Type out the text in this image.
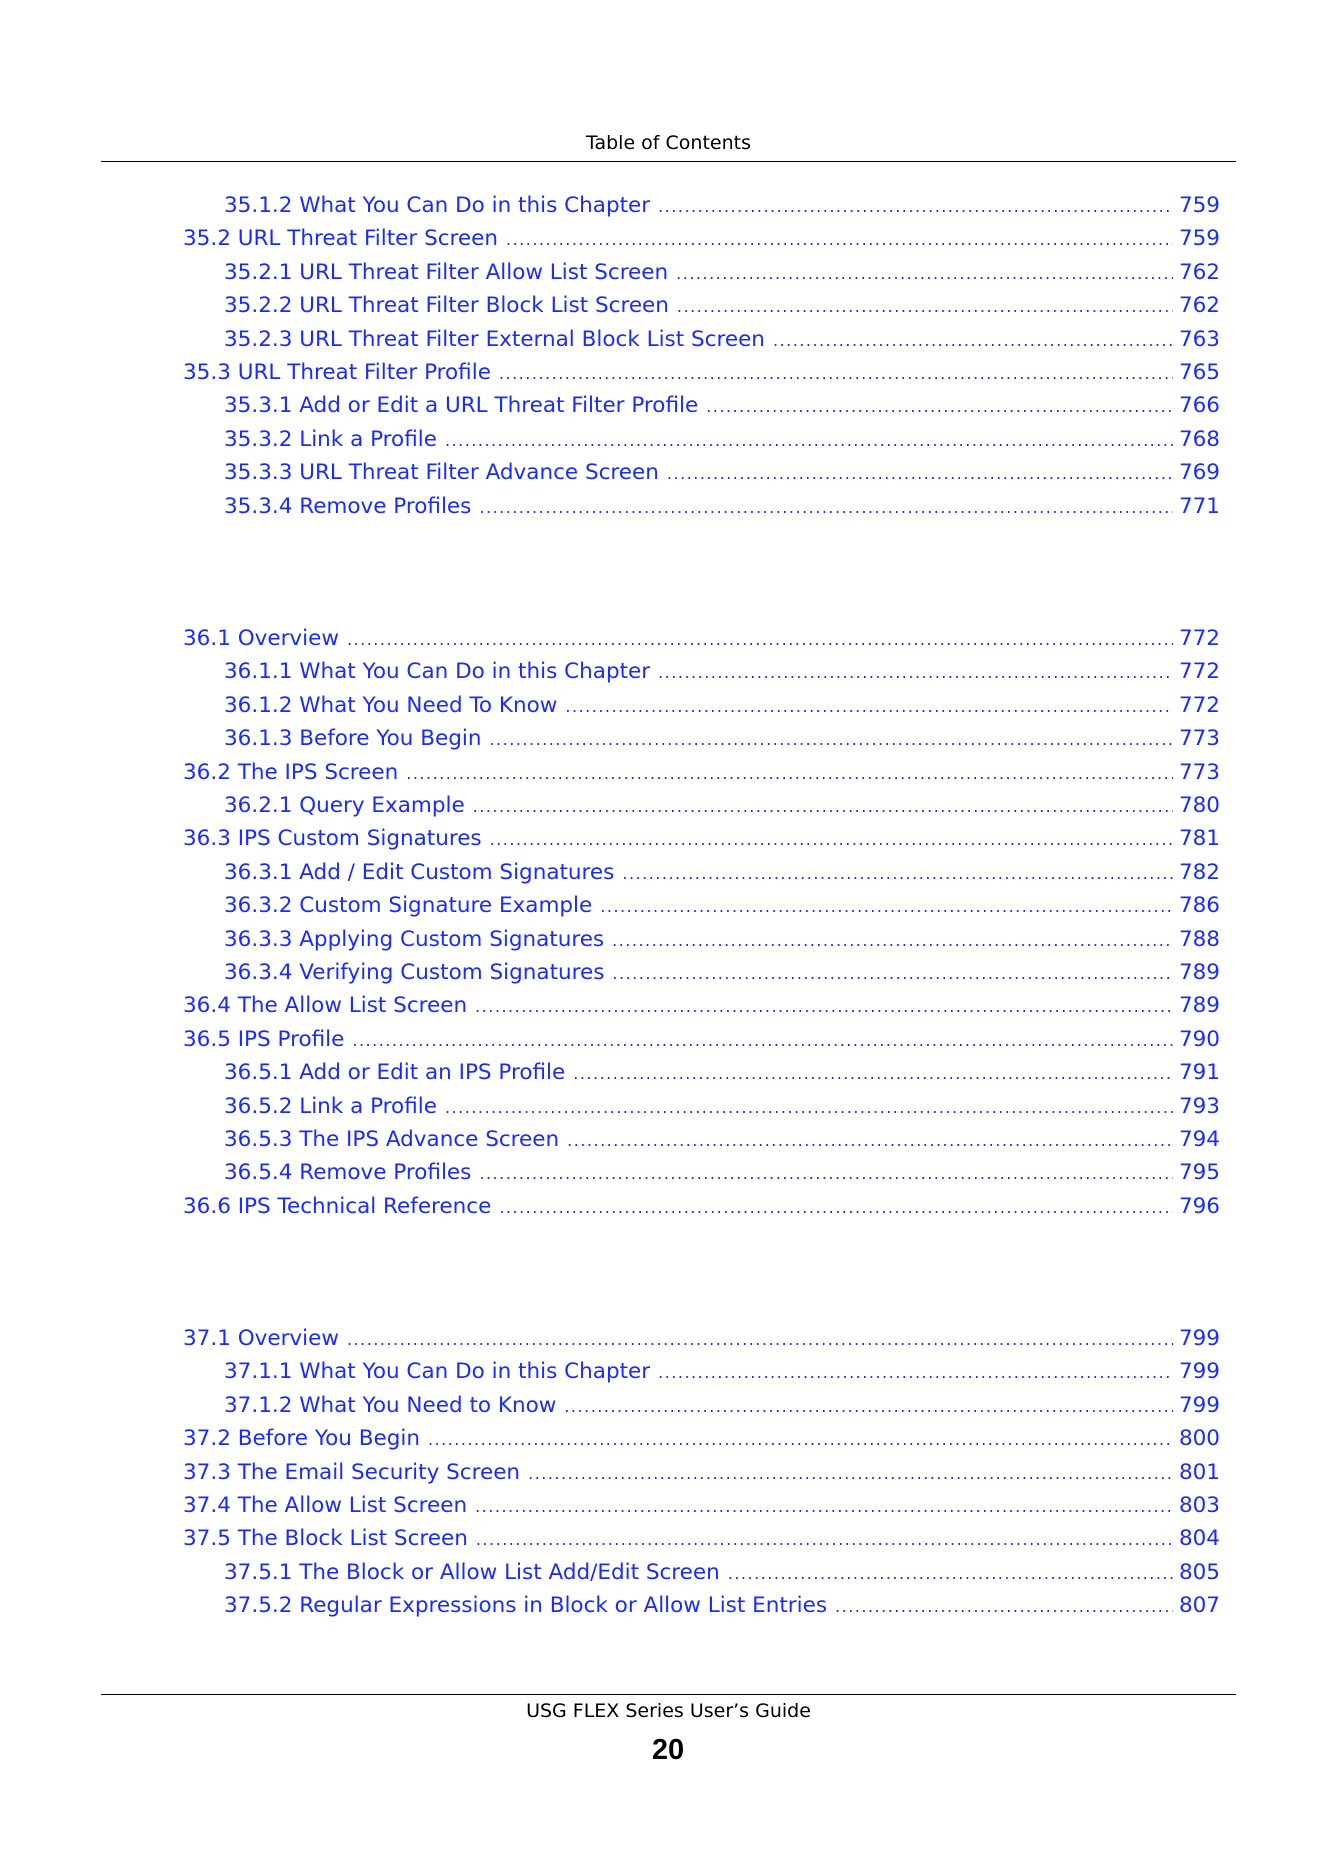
Table of Contents
35.1.2 What You Can Do in this Chapter .....	759
35.2 URL Threat Filter Screen .....	759
35.2.1 URL Threat Filter Allow List Screen .....	762
35.2.2 URL Threat Filter Block List Screen .....	762
35.2.3 URL Threat Filter External Block List Screen .....	763
35.3 URL Threat Filter Profile .....	765
35.3.1 Add or Edit a URL Threat Filter Profile .....	766
35.3.2 Link a Profile .....	768
35.3.3 URL Threat Filter Advance Screen .....	769
35.3.4 Remove Profiles .....	771
36.1 Overview .....	772
36.1.1 What You Can Do in this Chapter .....	772
36.1.2 What You Need To Know .....	772
36.1.3 Before You Begin .....	773
36.2 The IPS Screen .....	773
36.2.1 Query Example .....	780
36.3 IPS Custom Signatures .....	781
36.3.1 Add / Edit Custom Signatures .....	782
36.3.2 Custom Signature Example .....	786
36.3.3 Applying Custom Signatures .....	788
36.3.4 Verifying Custom Signatures .....	789
36.4 The Allow List Screen .....	789
36.5 IPS Profile .....	790
36.5.1 Add or Edit an IPS Profile .....	791
36.5.2 Link a Profile .....	793
36.5.3 The IPS Advance Screen .....	794
36.5.4 Remove Profiles .....	795
36.6 IPS Technical Reference .....	796
37.1 Overview .....	799
37.1.1 What You Can Do in this Chapter .....	799
37.1.2 What You Need to Know .....	799
37.2 Before You Begin .....	800
37.3 The Email Security Screen .....	801
37.4 The Allow List Screen .....	803
37.5 The Block List Screen .....	804
37.5.1 The Block or Allow List Add/Edit Screen .....	805
37.5.2 Regular Expressions in Block or Allow List Entries .....	807
USG FLEX Series User’s Guide
20
